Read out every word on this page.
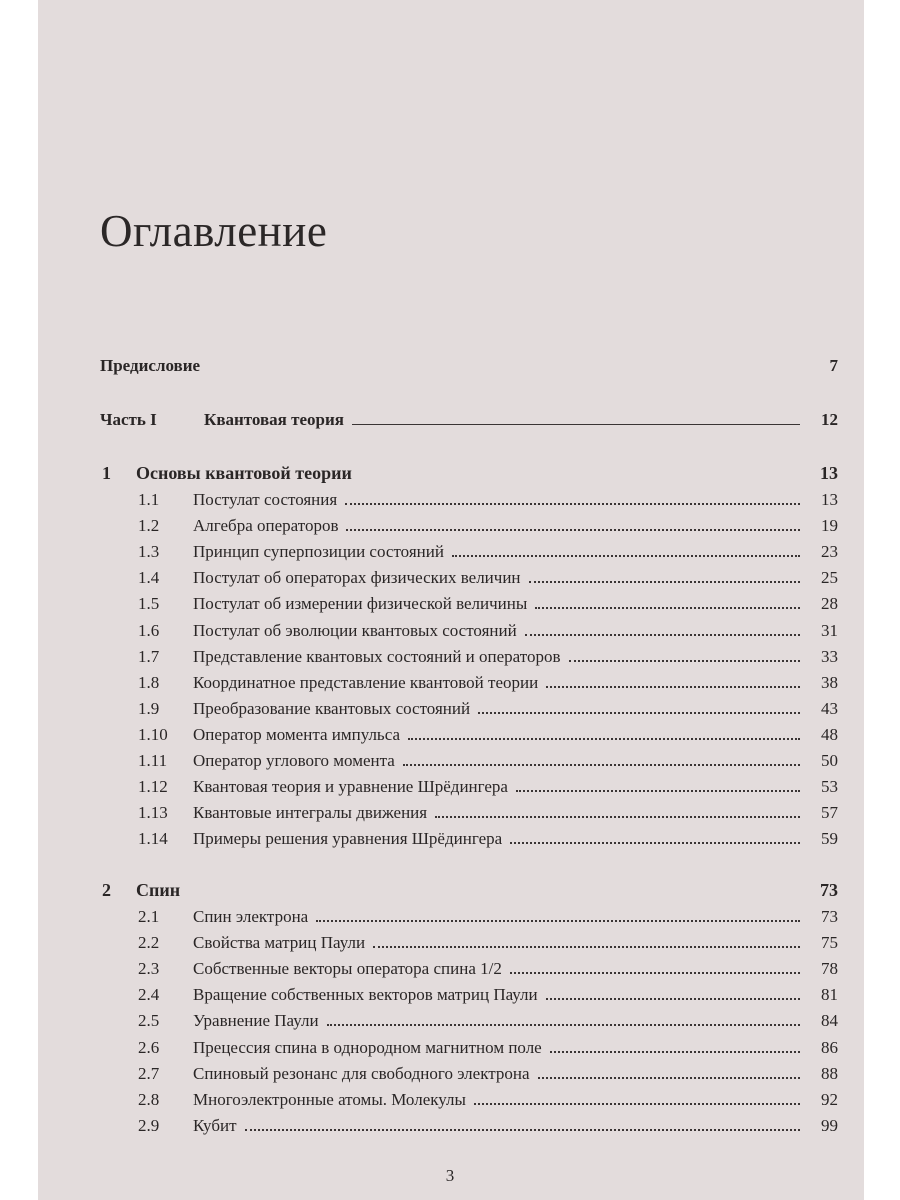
Оглавление
Предисловие	7
Часть I	Квантовая теория	12
1	Основы квантовой теории	13
1.1	Постулат состояния	13
1.2	Алгебра операторов	19
1.3	Принцип суперпозиции состояний	23
1.4	Постулат об операторах физических величин	25
1.5	Постулат об измерении физической величины	28
1.6	Постулат об эволюции квантовых состояний	31
1.7	Представление квантовых состояний и операторов	33
1.8	Координатное представление квантовой теории	38
1.9	Преобразование квантовых состояний	43
1.10	Оператор момента импульса	48
1.11	Оператор углового момента	50
1.12	Квантовая теория и уравнение Шрёдингера	53
1.13	Квантовые интегралы движения	57
1.14	Примеры решения уравнения Шрёдингера	59
2	Спин	73
2.1	Спин электрона	73
2.2	Свойства матриц Паули	75
2.3	Собственные векторы оператора спина 1/2	78
2.4	Вращение собственных векторов матриц Паули	81
2.5	Уравнение Паули	84
2.6	Прецессия спина в однородном магнитном поле	86
2.7	Спиновый резонанс для свободного электрона	88
2.8	Многоэлектронные атомы. Молекулы	92
2.9	Кубит	99
3
